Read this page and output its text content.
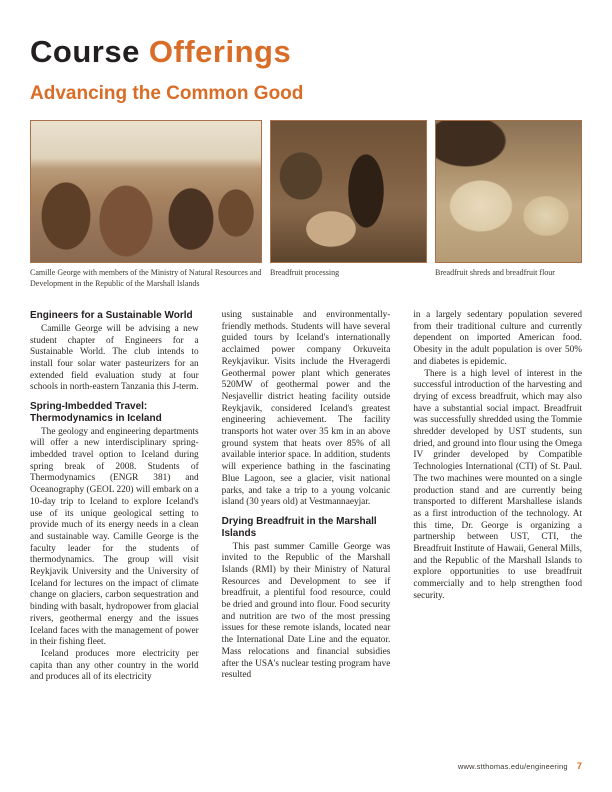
Course Offerings
Advancing the Common Good
Camille George with members of the Ministry of Natural Resources and Development in the Republic of the Marshall Islands
Breadfruit processing	Breadfruit shreds and breadfruit flour
Engineers for a Sustainable World
Camille George will be advising a new student chapter of Engineers for a Sustainable World. The club intends to install four solar water pasteurizers for an extended field evaluation study at four schools in north-eastern Tanzania this J-term.
Spring-Imbedded Travel: Thermodynamics in Iceland
The geology and engineering departments will offer a new interdisciplinary spring-imbedded travel option to Iceland during spring break of 2008. Students of Thermodynamics (ENGR 381) and Oceanography (GEOL 220) will embark on a 10-day trip to Iceland to explore Iceland's use of its unique geological setting to provide much of its energy needs in a clean and sustainable way. Camille George is the faculty leader for the students of thermodynamics. The group will visit Reykjavik University and the University of Iceland for lectures on the impact of climate change on glaciers, carbon sequestration and binding with basalt, hydropower from glacial rivers, geothermal energy and the issues Iceland faces with the management of power in their fishing fleet.
Iceland produces more electricity per capita than any other country in the world and produces all of its electricity
using sustainable and environmentally-friendly methods. Students will have several guided tours by Iceland's internationally acclaimed power company Orkuveita Reykjavikur. Visits include the Hveragerdi Geothermal power plant which generates 520MW of geothermal power and the Nesjavellir district heating facility outside Reykjavik, considered Iceland's greatest engineering achievement. The facility transports hot water over 35 km in an above ground system that heats over 85% of all available interior space. In addition, students will experience bathing in the fascinating Blue Lagoon, see a glacier, visit national parks, and take a trip to a young volcanic island (30 years old) at Vestmannaeyjar.
Drying Breadfruit in the Marshall Islands
This past summer Camille George was invited to the Republic of the Marshall Islands (RMI) by their Ministry of Natural Resources and Development to see if breadfruit, a plentiful food resource, could be dried and ground into flour. Food security and nutrition are two of the most pressing issues for these remote islands, located near the International Date Line and the equator. Mass relocations and financial subsidies after the USA's nuclear testing program have resulted
in a largely sedentary population severed from their traditional culture and currently dependent on imported American food. Obesity in the adult population is over 50% and diabetes is epidemic.
There is a high level of interest in the successful introduction of the harvesting and drying of excess breadfruit, which may also have a substantial social impact. Breadfruit was successfully shredded using the Tommie shredder developed by UST students, sun dried, and ground into flour using the Omega IV grinder developed by Compatible Technologies International (CTI) of St. Paul. The two machines were mounted on a single production stand and are currently being transported to different Marshallese islands as a first introduction of the technology. At this time, Dr. George is organizing a partnership between UST, CTI, the Breadfruit Institute of Hawaii, General Mills, and the Republic of the Marshall Islands to explore opportunities to use breadfruit commercially and to help strengthen food security.
www.stthomas.edu/engineering 7
